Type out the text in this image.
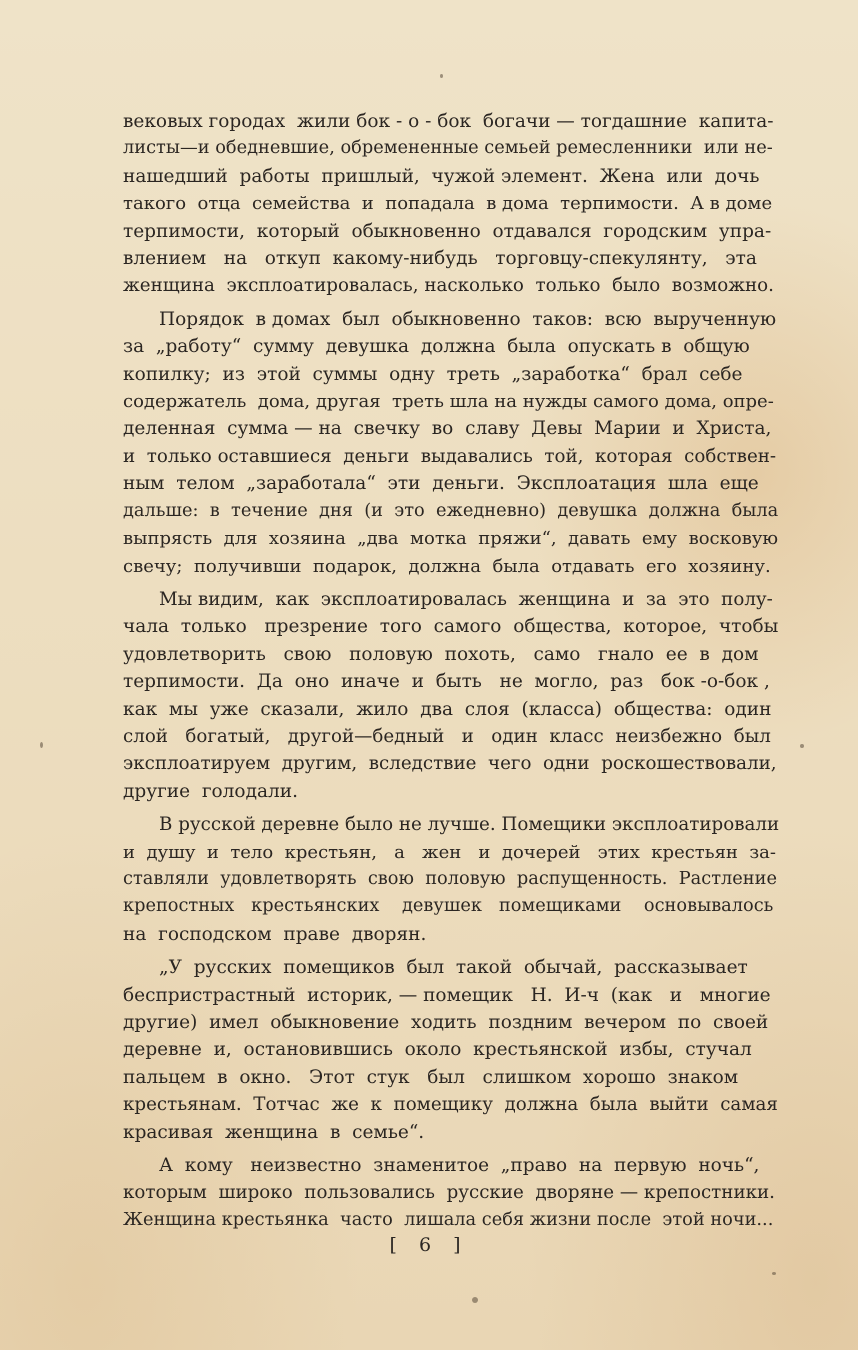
вековых городах  жили бок - о - бок  богачи — тогдашние  капита-
листы—и обедневшие, обремененные семьей ремесленники  или не-
нашедший  работы  пришлый,  чужой элемент.  Жена  или  дочь
такого  отца  семейства  и  попадала  в дома  терпимости.  А в доме
терпимости,  который  обыкновенно  отдавался  городским  упра-
влением   на   откуп  какому-нибудь   торговцу-спекулянту,   эта
женщина  эксплоатировалась, насколько  только  было  возможно.
Порядок  в домах  был  обыкновенно  таков:  всю  вырученную
за  „работу“  сумму  девушка  должна  была  опускать в  общую
копилку;  из  этой  суммы  одну  треть  „заработка“  брал  себе
содержатель  дома, другая  треть шла на нужды самого дома, опре-
деленная  сумма — на  свечку  во  славу  Девы  Марии  и  Христа,
и  только оставшиеся  деньги  выдавались  той,  которая  собствен-
ным  телом  „заработала“  эти  деньги.  Эксплоатация  шла  еще
дальше:  в  течение  дня  (и  это  ежедневно)  девушка  должна  была
выпрясть  для  хозяина  „два  мотка  пряжи“,  давать  ему  восковую
свечу;  получивши  подарок,  должна  была  отдавать  его  хозяину.
Мы видим,  как  эксплоатировалась  женщина  и  за  это  полу-
чала  только   презрение  того  самого  общества,  которое,  чтобы
удовлетворить   свою   половую  похоть,   само   гнало  ее  в  дом
терпимости.  Да  оно  иначе  и  быть   не  могло,  раз   бок -о-бок ,
как  мы  уже  сказали,  жило  два  слоя  (класса)  общества:  один
слой   богатый,   другой—бедный   и   один  класс  неизбежно  был
эксплоатируем  другим,  вследствие  чего  одни  роскошествовали,
другие  голодали.
В русской деревне было не лучше. Помещики эксплоатировали
и  душу  и  тело  крестьян,   а   жен   и  дочерей   этих  крестьян  за-
ставляли  удовлетворять  свою  половую  распущенность.  Растление
крепостных   крестьянских    девушек   помещиками    основывалось
на  господском  праве  дворян.
„У  русских  помещиков  был  такой  обычай,  рассказывает
беспристрастный  историк, — помещик   Н.  И-ч  (как   и   многие
другие)  имел  обыкновение  ходить  поздним  вечером  по  своей
деревне  и,  остановившись  около  крестьянской  избы,  стучал
пальцем  в  окно.   Этот  стук   был   слишком  хорошо  знаком
крестьянам.  Тотчас  же  к  помещику  должна  была  выйти  самая
красивая  женщина  в  семье“.
А  кому   неизвестно  знаменитое  „право  на  первую  ночь“,
которым  широко  пользовались  русские  дворяне — крепостники.
Женщина крестьянка  часто  лишала себя жизни после  этой ночи...
[ 6 ]
